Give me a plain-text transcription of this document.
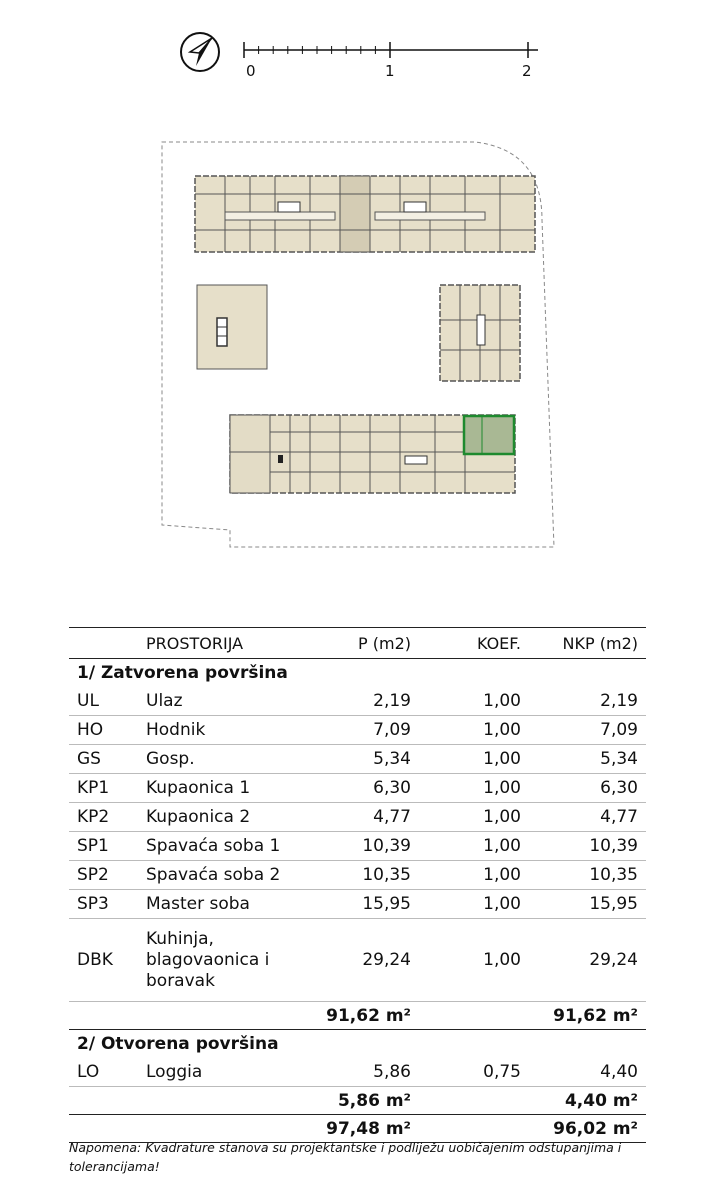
0	1	2
	PROSTORIJA	P (m2)	KOEF.	NKP (m2)
1/ Zatvorena površina				
UL	Ulaz	2,19	1,00	2,19
HO	Hodnik	7,09	1,00	7,09
GS	Gosp.	5,34	1,00	5,34
KP1	Kupaonica 1	6,30	1,00	6,30
KP2	Kupaonica 2	4,77	1,00	4,77
SP1	Spavaća soba 1	10,39	1,00	10,39
SP2	Spavaća soba 2	10,35	1,00	10,35
SP3	Master soba	15,95	1,00	15,95
DBK	Kuhinja,
blagovaonica i
boravak	29,24	1,00	29,24
		91,62 m²		91,62 m²
2/ Otvorena površina				
LO	Loggia	5,86	0,75	4,40
		5,86 m²		4,40 m²
		97,48 m²		96,02 m²
Napomena: Kvadrature stanova su projektantske i podliježu uobičajenim odstupanjima i tolerancijama!
